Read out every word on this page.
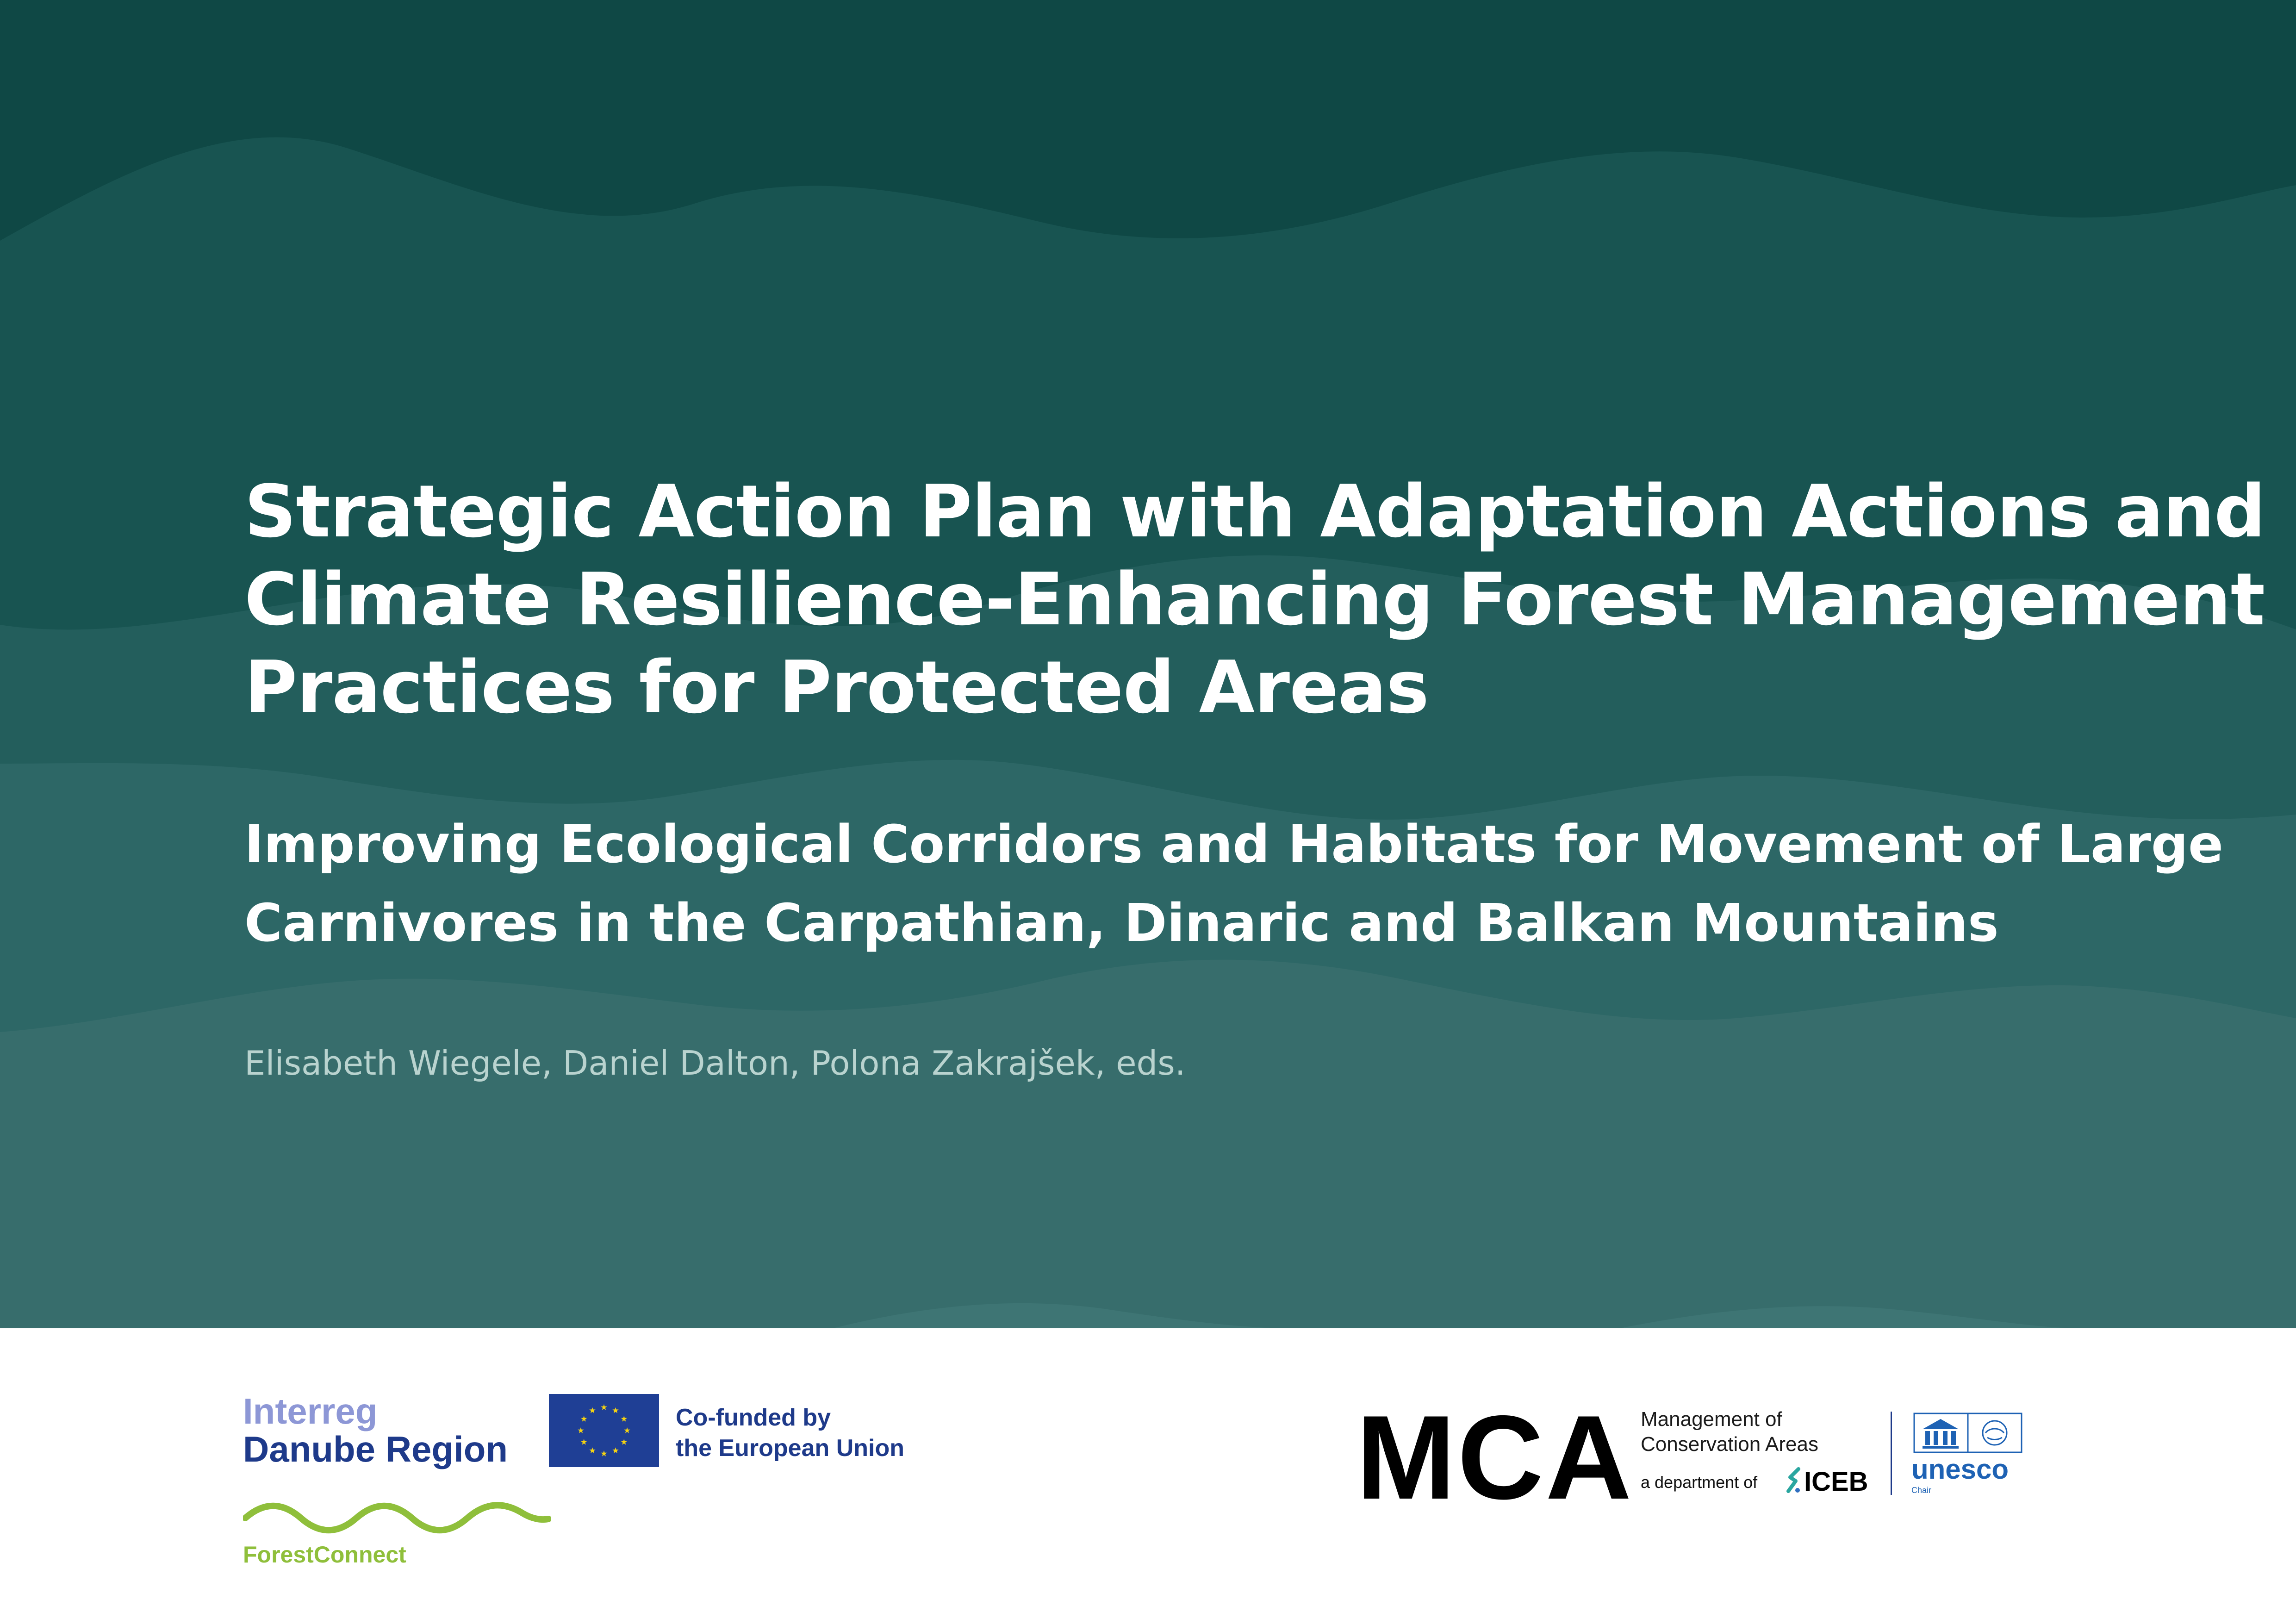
Strategic Action Plan with Adaptation Actions and
Climate Resilience-Enhancing Forest Management
Practices for Protected Areas
Improving Ecological Corridors and Habitats for Movement of Large
Carnivores in the Carpathian, Dinaric and Balkan Mountains
Elisabeth Wiegele, Daniel Dalton, Polona Zakrajšek, eds.
Interreg
Danube Region
Co-funded by
the European Union
ForestConnect
MCA Management of
Conservation Areas
a department of ICEB unesco
Chair
